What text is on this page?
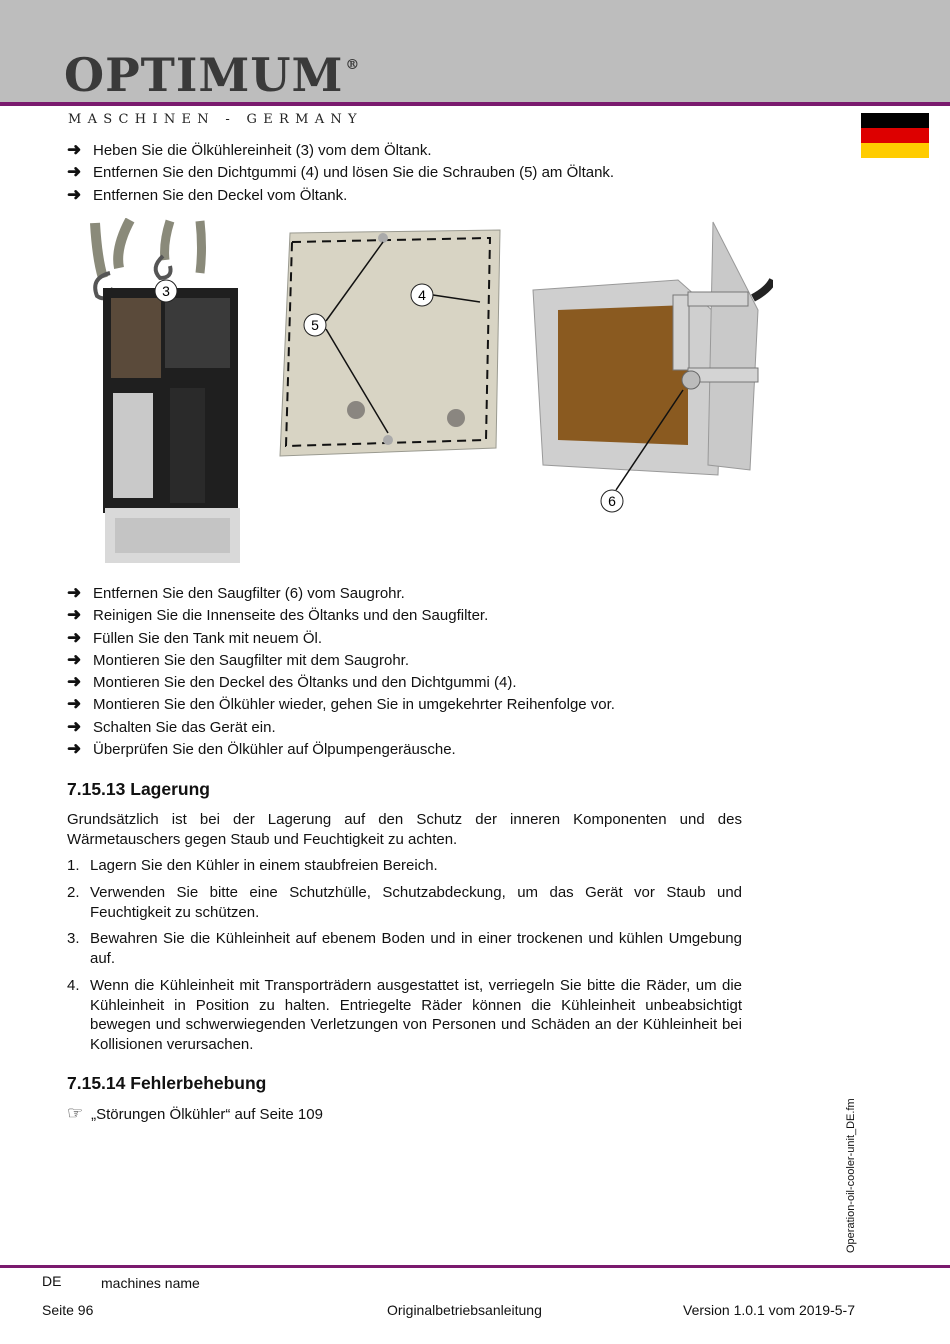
OPTIMUM ®
MASCHINEN - GERMANY
➜ Heben Sie die Ölkühlereinheit (3) vom dem Öltank.
➜ Entfernen Sie den Dichtgummi (4) und lösen Sie die Schrauben (5) am Öltank.
➜ Entfernen Sie den Deckel vom Öltank.
3
5
4
6
➜ Entfernen Sie den Saugfilter (6) vom Saugrohr.
➜ Reinigen Sie die Innenseite des Öltanks und den Saugfilter.
➜ Füllen Sie den Tank mit neuem Öl.
➜ Montieren Sie den Saugfilter mit dem Saugrohr.
➜ Montieren Sie den Deckel des Öltanks und den Dichtgummi (4).
➜ Montieren Sie den Ölkühler wieder, gehen Sie in umgekehrter Reihenfolge vor.
➜ Schalten Sie das Gerät ein.
➜ Überprüfen Sie den Ölkühler auf Ölpumpengeräusche.
7.15.13 Lagerung
Grundsätzlich ist bei der Lagerung auf den Schutz der inneren Komponenten und des Wärmetauschers gegen Staub und Feuchtigkeit zu achten.
1. Lagern Sie den Kühler in einem staubfreien Bereich.
2. Verwenden Sie bitte eine Schutzhülle, Schutzabdeckung, um das Gerät vor Staub und Feuchtigkeit zu schützen.
3. Bewahren Sie die Kühleinheit auf ebenem Boden und in einer trockenen und kühlen Umgebung auf.
4. Wenn die Kühleinheit mit Transporträdern ausgestattet ist, verriegeln Sie bitte die Räder, um die Kühleinheit in Position zu halten. Entriegelte Räder können die Kühleinheit unbeabsichtigt bewegen und schwerwiegenden Verletzungen von Personen und Schäden an der Kühleinheit bei Kollisionen verursachen.
7.15.14 Fehlerbehebung
☞ „Störungen Ölkühler“ auf Seite 109	Operation-oil-cooler-unit_DE.fm
DE	machines name
Seite 96	Originalbetriebsanleitung	Version 1.0.1 vom 2019-5-7
